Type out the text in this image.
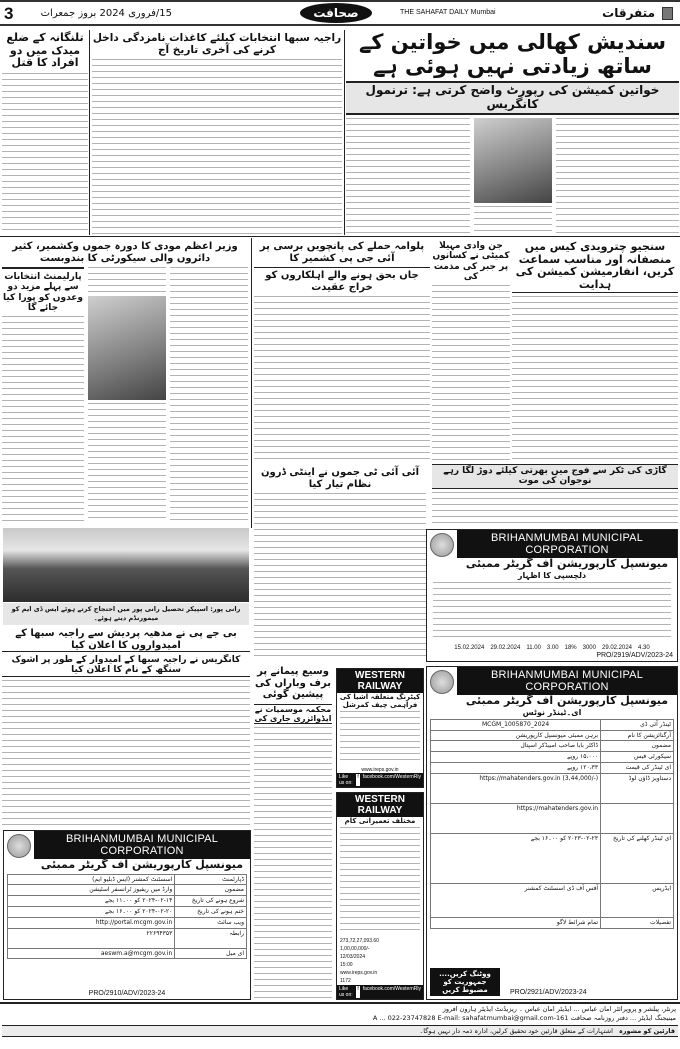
3	15/فروری 2024 بروز جمعرات	صحافت	THE SAHAFAT DAILY Mumbai	متفرقات
سندیش کھالی میں خواتین کے ساتھ زیادتی نہیں ہوئی ہے
خواتین کمیشن کی رپورٹ واضح کرتی ہے: ترنمول کانگریس
راجیہ سبھا انتخابات کیلئے کاغذات نامزدگی داخل کرنے کی آخری تاریخ آج
تلنگانہ کے ضلع میدک میں دو افراد کا قتل
وزیر اعظم مودی کا دورہ جموں وکشمیر، کثیر دائروں والی سیکورٹی کا بندوبست
پارلیمنٹ انتخابات سے پہلے مزید دو وعدوں کو پورا کیا جائے گا
پلوامہ حملے کی پانچویں برسی پر آئی جی پی کشمیر کا
جاں بحق ہونے والے اہلکاروں کو خراج عقیدت
جن وادی مہیلا کمیٹی نے کسانوں پر جبر کی مذمت کی
سنجیو چترویدی کیس میں منصفانہ اور مناسب سماعت کریں، انفارمیشن کمیشن کی ہدایت
آئی آئی ٹی جموں نے اینٹی ڈرون نظام تیار کیا
گاڑی کی ٹکر سے فوج میں بھرتی کیلئے دوڑ لگا رہے نوجوان کی موت
رانی پور: اسپیکر تحصیل رانی پور میں احتجاج کرتے ہوئے ایس ڈی ایم کو میمورنڈم دیتے ہوئے۔
BRIHANMUMBAI MUNICIPAL CORPORATION
میونسپل کارپوریشن آف گریٹر ممبئی
دلچسپی کا اظہار
15.02.2024 29.02.2024 11.00 3.00 18% 3000 29.02.2024 4.30
PRO/2919/ADV/2023-24
بی جے پی نے مدھیہ پردیش سے راجیہ سبھا کے امیدواروں کا اعلان کیا
کانگریس نے راجیہ سبھا کے امیدوار کے طور پر اشوک سنگھ کے نام کا اعلان کیا	وسیع پیمانے پر برف وباراں کی پیشین گوئی
محکمہ موسمیات نے ایڈوائزری جاری کی
WESTERN RAILWAY
کیٹرنگ متعلقہ اشیا کی فراہمی چیف کمرشل
www.ireps.gov.in
Like us on:
f facebook.com/WesternRly
WESTERN RAILWAY
مختلف تعمیراتی کام
273,72,27,093.60
1,00,00,000/-
12/03/2024
15:00
www.ireps.gov.in
1172
Like us on:
f facebook.com/WesternRly
BRIHANMUMBAI MUNICIPAL CORPORATION
میونسپل کارپوریشن آف گریٹر ممبئی
ای۔ٹینڈر نوٹس
ٹینڈر آئی ڈی	2024_MCGM_1005870
آرگنائزیشن کا نام	برہن ممبئی میونسپل کارپوریشن
مضمون	ڈاکٹر بابا صاحب امبیڈکر اسپتال
سیکورٹی فیس	۱۵،۰۰۰ روپے
ای ٹینڈر کی قیمت	۱۲۰،۳۳ روپے
دستاویز ڈاؤن لوڈ	https://mahatenders.gov.in (3,44,000/-)
	https://mahatenders.gov.in
ای ٹینڈر کھلنے کی تاریخ	۲۰۲۳-۰۲-۲۳ کو ۰۰۔۱۶ بجے
ایڈریس	آفس آف ڈی اسسٹنٹ کمشنر
تفصیلات	تمام شرائط لاگو
ووٹنگ کریں.... جمہوریت کو مضبوط کریں	PRO/2921/ADV/2023-24
BRIHANMUMBAI MUNICIPAL CORPORATION
میونسپل کارپوریشن آف گریٹر ممبئی
ڈپارٹمنٹ	اسسٹنٹ کمشنر (ایس ڈبلیو ایم)
مضمون	وارڈ میں ریفیوز ٹرانسفر اسٹیشن
شروع ہونے کی تاریخ	۲۰۲۴-۰۲-۱۴ کو ۰۰۔۱۱ بجے
ختم ہونے کی تاریخ	۲۰۲۴-۰۲-۲۰ کو ۰۰۔۱۶ بجے
ویب سائٹ	http://portal.mcgm.gov.in
رابطہ	۲۲۶۹۴۳۵۳
ای میل	aeswm.a@mcgm.gov.in
PRO/2910/ADV/2023-24
پرنٹر، پبلشر و پروپرائٹر امان عباس ... ایڈیٹر امان عباس ۔ ریزیڈنٹ ایڈیٹر ہارون افروز
مینیجنگ ایڈیٹر ... دفتر روزنامہ صحافت 161-A ... 022-23747828 E-mail: sahafatmumbai@gmail.com
قارئین کو مشورہ
اشتہارات کے متعلق قارئین خود تحقیق کرلیں، ادارہ ذمہ دار نہیں ہوگا۔
